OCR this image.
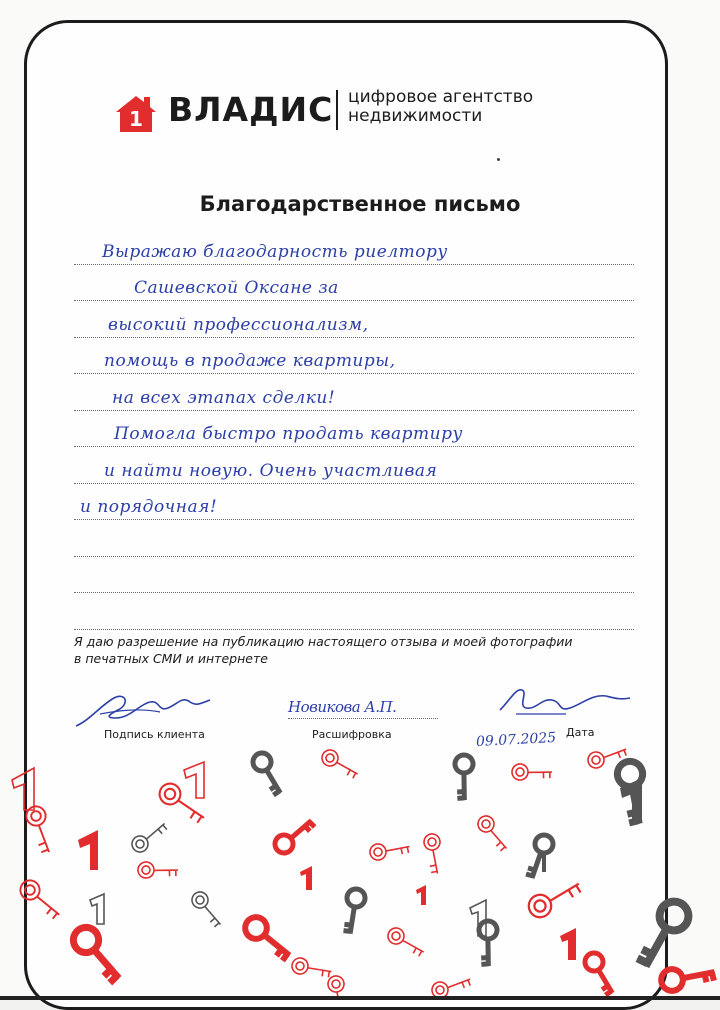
1 ВЛАДИС цифровое агентство
недвижимости
Благодарственное письмо
Выражаю благодарность риелтору
Сашевской Оксане за
высокий профессионализм,
помощь в продаже квартиры,
на всех этапах сделки!
Помогла быстро продать квартиру
и найти новую. Очень участливая
и порядочная!
Я даю разрешение на публикацию настоящего отзыва и моей фотографии
в печатных СМИ и интернете
Подпись клиента
Новикова А.П.
Расшифровка	Дата
09.07.2025
